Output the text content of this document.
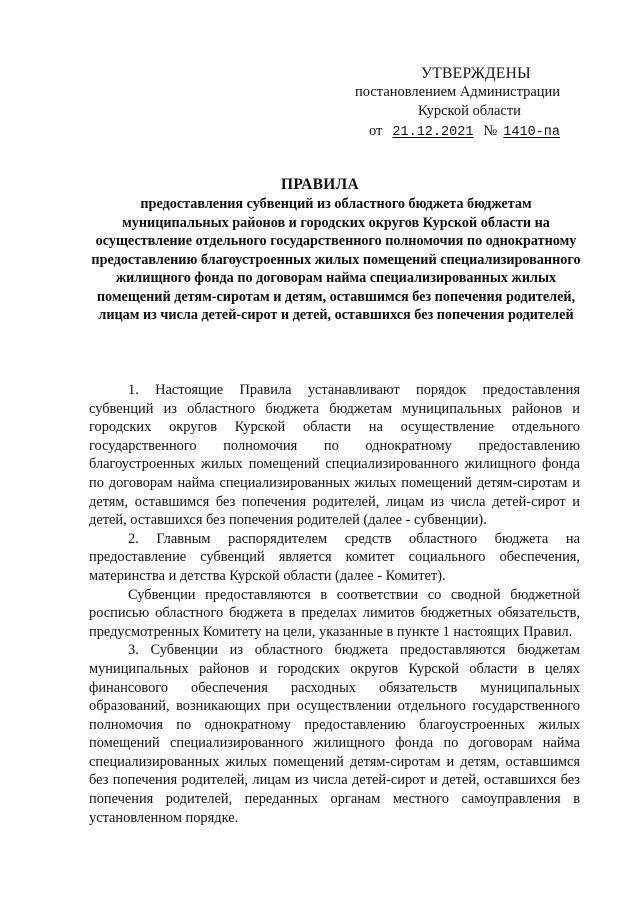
УТВЕРЖДЕНЫ
постановлением Администрации
Курской области
от 21.12.2021 № 1410-па
ПРАВИЛА
предоставления субвенций из областного бюджета бюджетам муниципальных районов и городских округов Курской области на осуществление отдельного государственного полномочия по однократному предоставлению благоустроенных жилых помещений специализированного жилищного фонда по договорам найма специализированных жилых помещений детям-сиротам и детям, оставшимся без попечения родителей, лицам из числа детей-сирот и детей, оставшихся без попечения родителей

1. Настоящие Правила устанавливают порядок предоставления субвенций из областного бюджета бюджетам муниципальных районов и городских округов Курской области на осуществление отдельного государственного полномочия по однократному предоставлению благоустроенных жилых помещений специализированного жилищного фонда по договорам найма специализированных жилых помещений детям-сиротам и детям, оставшимся без попечения родителей, лицам из числа детей-сирот и детей, оставшихся без попечения родителей (далее - субвенции).

2. Главным распорядителем средств областного бюджета на предоставление субвенций является комитет социального обеспечения, материнства и детства Курской области (далее - Комитет).

Субвенции предоставляются в соответствии со сводной бюджетной росписью областного бюджета в пределах лимитов бюджетных обязательств, предусмотренных Комитету на цели, указанные в пункте 1 настоящих Правил.

3. Субвенции из областного бюджета предоставляются бюджетам муниципальных районов и городских округов Курской области в целях финансового обеспечения расходных обязательств муниципальных образований, возникающих при осуществлении отдельного государственного полномочия по однократному предоставлению благоустроенных жилых помещений специализированного жилищного фонда по договорам найма специализированных жилых помещений детям-сиротам и детям, оставшимся без попечения родителей, лицам из числа детей-сирот и детей, оставшихся без попечения родителей, переданных органам местного самоуправления в установленном порядке.
